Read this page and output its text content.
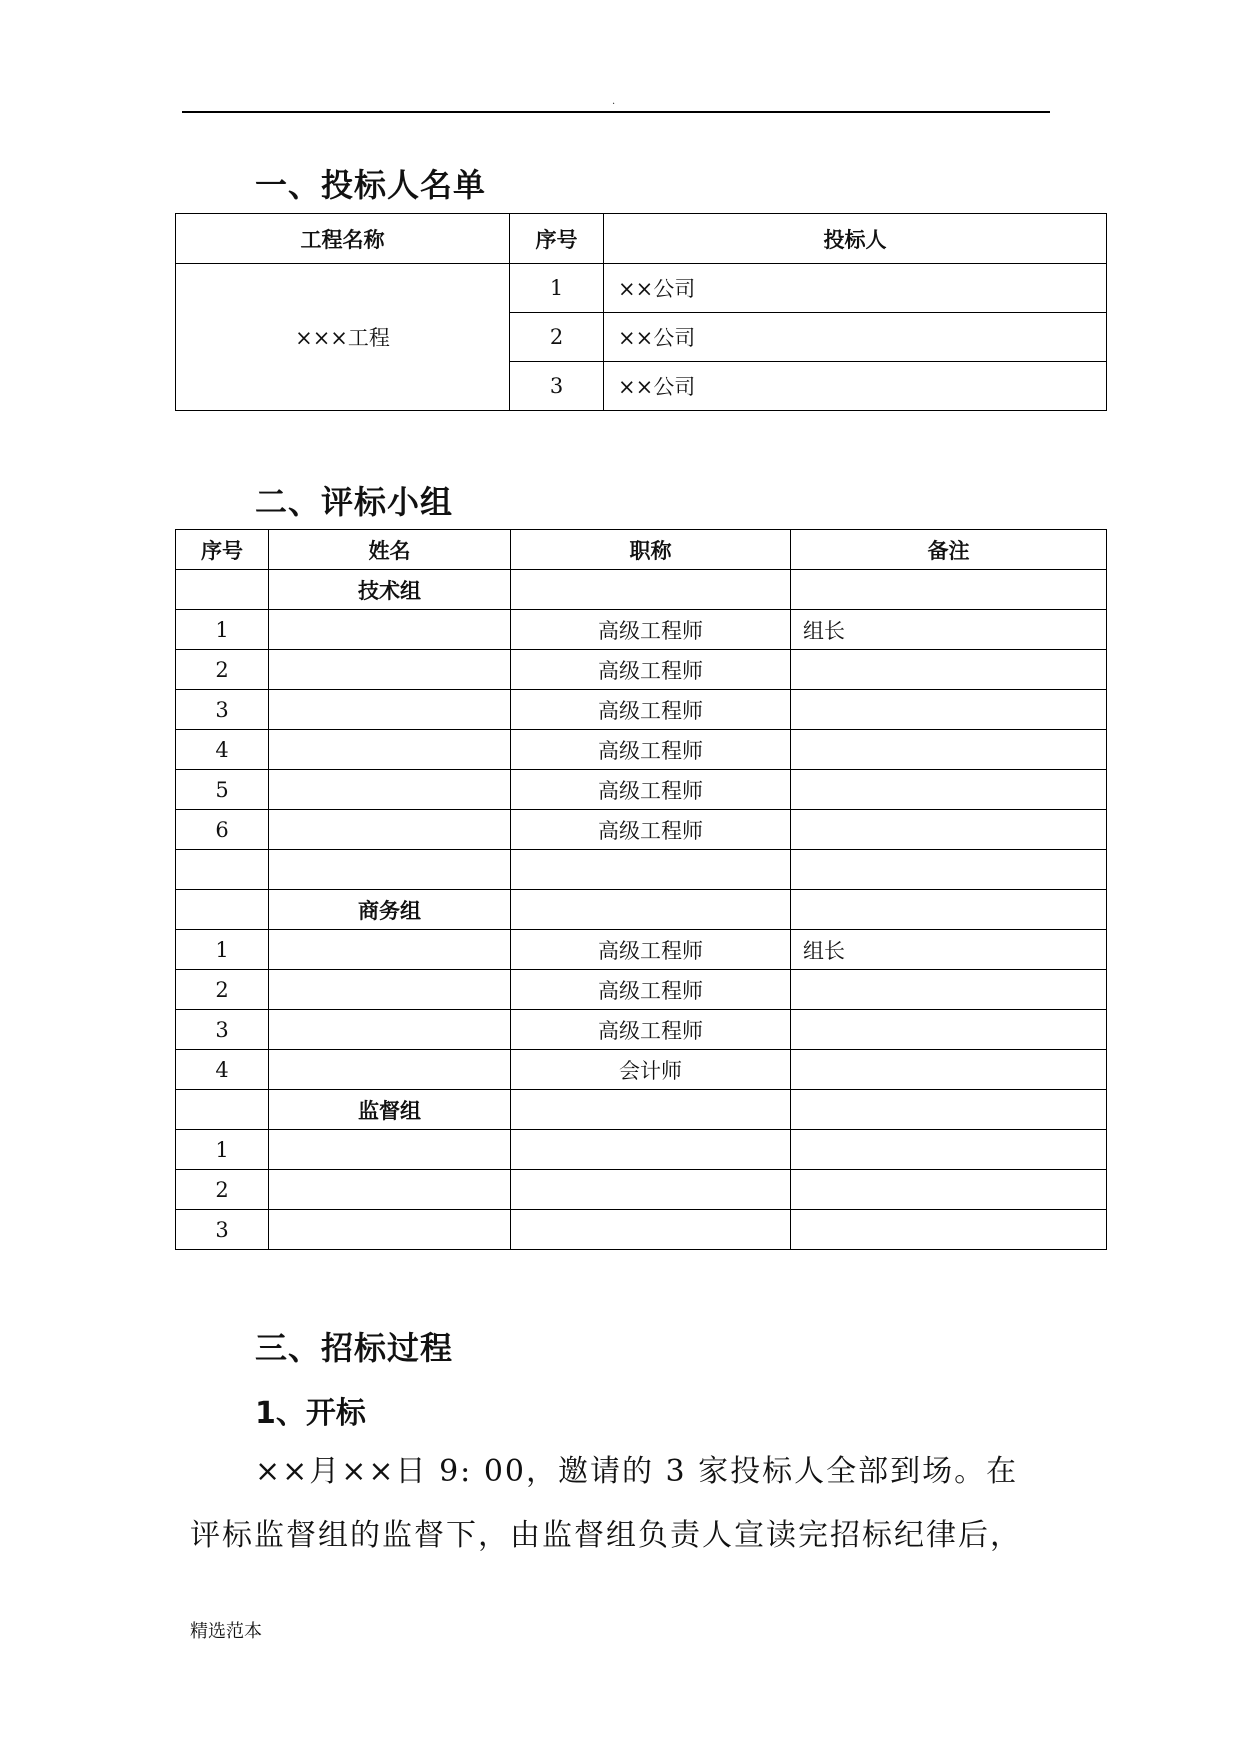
.
一、投标人名单
工程名称	序号	投标人
×××工程	1	××公司
	2	××公司
	3	××公司
二、评标小组
序号	姓名	职称	备注
	技术组		
1		高级工程师	组长
2		高级工程师	
3		高级工程师	
4		高级工程师	
5		高级工程师	
6		高级工程师	

	商务组		
1		高级工程师	组长
2		高级工程师	
3		高级工程师	
4		会计师	
	监督组		
1			
2			
3			
三、招标过程
1、开标

××月××日 9: 00，邀请的 3 家投标人全部到场。在

评标监督组的监督下，由监督组负责人宣读完招标纪律后，

精选范本
